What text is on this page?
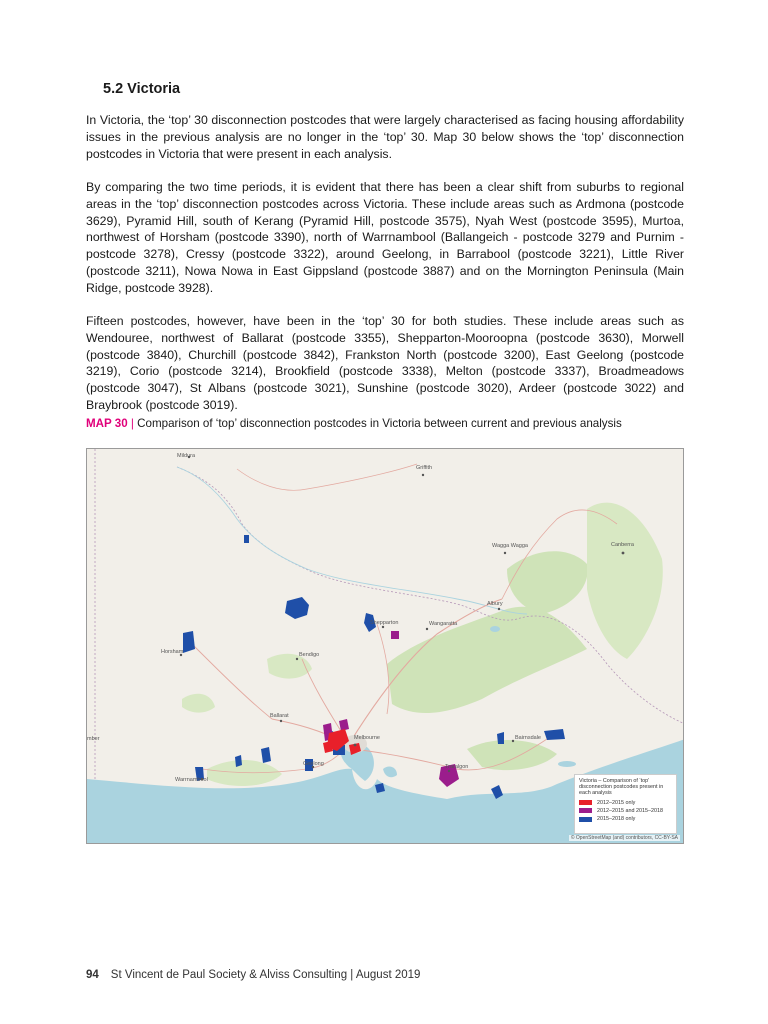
5.2 Victoria

In Victoria, the ‘top’ 30 disconnection postcodes that were largely characterised as facing housing affordability issues in the previous analysis are no longer in the ‘top’ 30. Map 30 below shows the ‘top’ disconnection postcodes in Victoria that were present in each analysis.

By comparing the two time periods, it is evident that there has been a clear shift from suburbs to regional areas in the ‘top’ disconnection postcodes across Victoria. These include areas such as Ardmona (postcode 3629), Pyramid Hill, south of Kerang (Pyramid Hill, postcode 3575), Nyah West (postcode 3595), Murtoa, northwest of Horsham (postcode 3390), north of Warrnambool (Ballangeich - postcode 3279 and Purnim - postcode 3278), Cressy (postcode 3322), around Geelong, in Barrabool (postcode 3221), Little River (postcode 3211), Nowa Nowa in East Gippsland (postcode 3887) and on the Mornington Peninsula (Main Ridge, postcode 3928).

Fifteen postcodes, however, have been in the ‘top’ 30 for both studies. These include areas such as Wendouree, northwest of Ballarat (postcode 3355), Shepparton-Mooroopna (postcode 3630), Morwell (postcode 3840), Churchill (postcode 3842), Frankston North (postcode 3200), East Geelong (postcode 3219), Corio (postcode 3214), Brookfield (postcode 3338), Melton (postcode 3337), Broadmeadows (postcode 3047), St Albans (postcode 3021), Sunshine (postcode 3020), Ardeer (postcode 3022) and Braybrook (postcode 3019).

MAP 30 | Comparison of ‘top’ disconnection postcodes in Victoria between current and previous analysis

Mildura
Griffith
Wagga Wagga	Canberra
Albury
Shepparton	Wangaratta
Horsham	Bendigo
Ballarat
Melbourne
Geelong
Warrnambool
Traralgon
Bairnsdale
mber
Victoria – Comparison of ‘top’ disconnection postcodes present in each analysis
2012–2015 only
2012–2015 and 2015–2018
2015–2018 only
© OpenStreetMap (and) contributors, CC-BY-SA

94 St Vincent de Paul Society & Alviss Consulting | August 2019
